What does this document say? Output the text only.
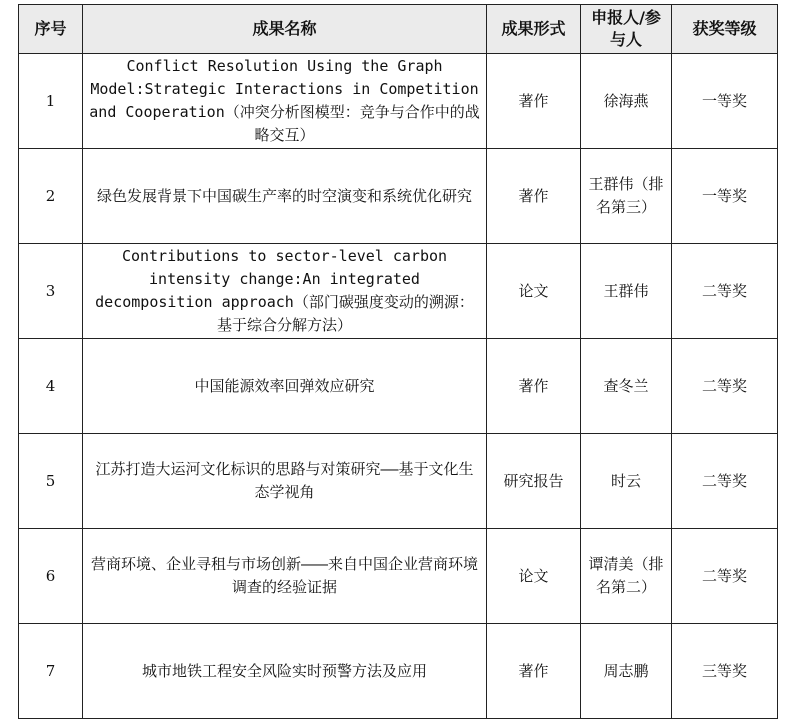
序号	成果名称	成果形式	申报人/参与人	获奖等级
1	Conflict Resolution Using the Graph Model:Strategic Interactions in Competition and Cooperation（冲突分析图模型：竞争与合作中的战略交互）	著作	徐海燕	一等奖
2	绿色发展背景下中国碳生产率的时空演变和系统优化研究	著作	王群伟（排名第三）	一等奖
3	Contributions to sector-level carbon intensity change:An integrated decomposition approach（部门碳强度变动的溯源：基于综合分解方法）	论文	王群伟	二等奖
4	中国能源效率回弹效应研究	著作	查冬兰	二等奖
5	江苏打造大运河文化标识的思路与对策研究——基于文化生态学视角	研究报告	时云	二等奖
6	营商环境、企业寻租与市场创新———来自中国企业营商环境调查的经验证据	论文	谭清美（排名第二）	二等奖
7	城市地铁工程安全风险实时预警方法及应用	著作	周志鹏	三等奖
